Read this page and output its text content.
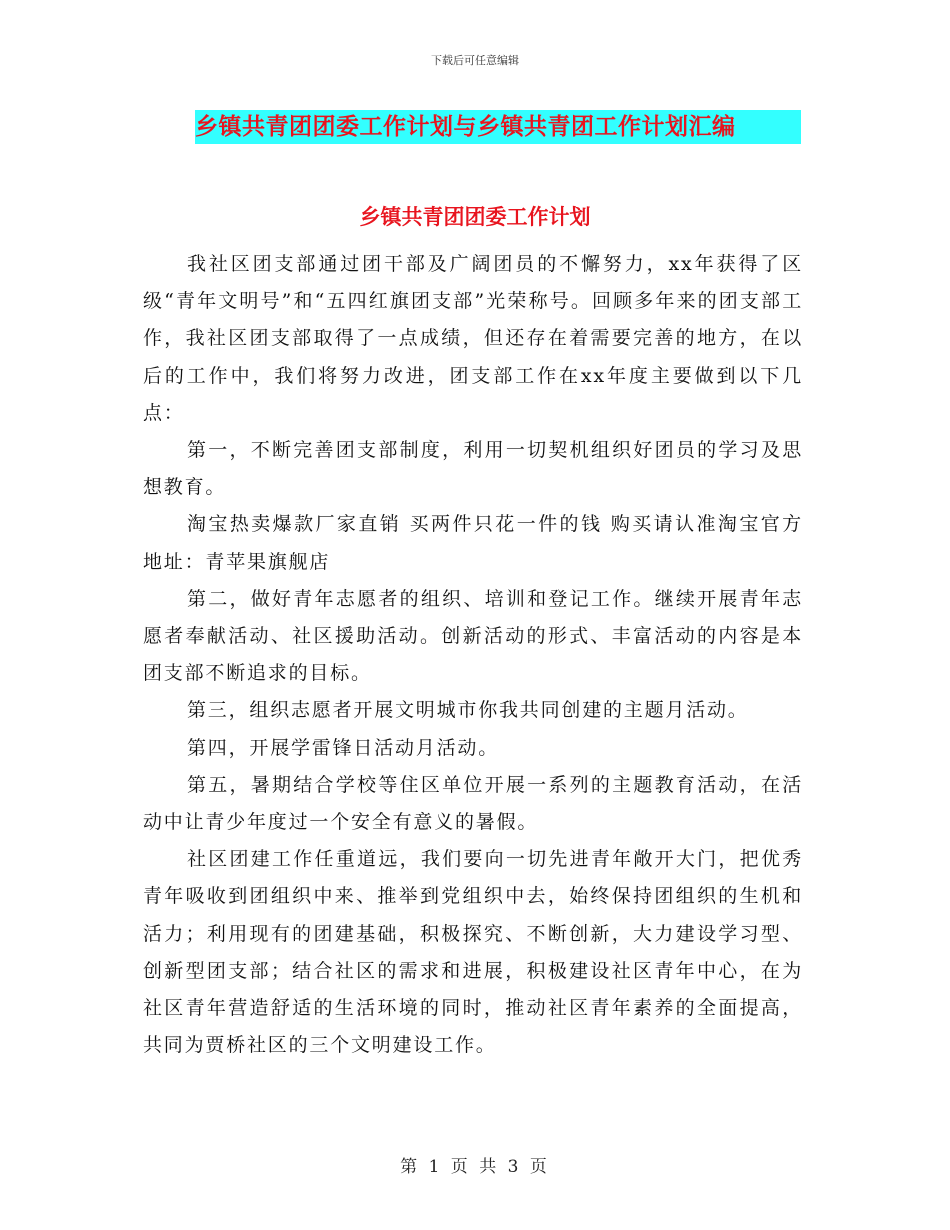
下载后可任意编辑
乡镇共青团团委工作计划与乡镇共青团工作计划汇编
乡镇共青团团委工作计划

我社区团支部通过团干部及广阔团员的不懈努力，xx年获得了区级“青年文明号”和“五四红旗团支部”光荣称号。回顾多年来的团支部工作，我社区团支部取得了一点成绩，但还存在着需要完善的地方，在以后的工作中，我们将努力改进，团支部工作在xx年度主要做到以下几点：

第一，不断完善团支部制度，利用一切契机组织好团员的学习及思想教育。

淘宝热卖爆款厂家直销 买两件只花一件的钱 购买请认准淘宝官方地址：青苹果旗舰店

第二，做好青年志愿者的组织、培训和登记工作。继续开展青年志愿者奉献活动、社区援助活动。创新活动的形式、丰富活动的内容是本团支部不断追求的目标。

第三，组织志愿者开展文明城市你我共同创建的主题月活动。

第四，开展学雷锋日活动月活动。

第五，暑期结合学校等住区单位开展一系列的主题教育活动，在活动中让青少年度过一个安全有意义的暑假。

社区团建工作任重道远，我们要向一切先进青年敞开大门，把优秀青年吸收到团组织中来、推举到党组织中去，始终保持团组织的生机和活力；利用现有的团建基础，积极探究、不断创新，大力建设学习型、创新型团支部；结合社区的需求和进展，积极建设社区青年中心，在为社区青年营造舒适的生活环境的同时，推动社区青年素养的全面提高，共同为贾桥社区的三个文明建设工作。

第 1 页 共 3 页
